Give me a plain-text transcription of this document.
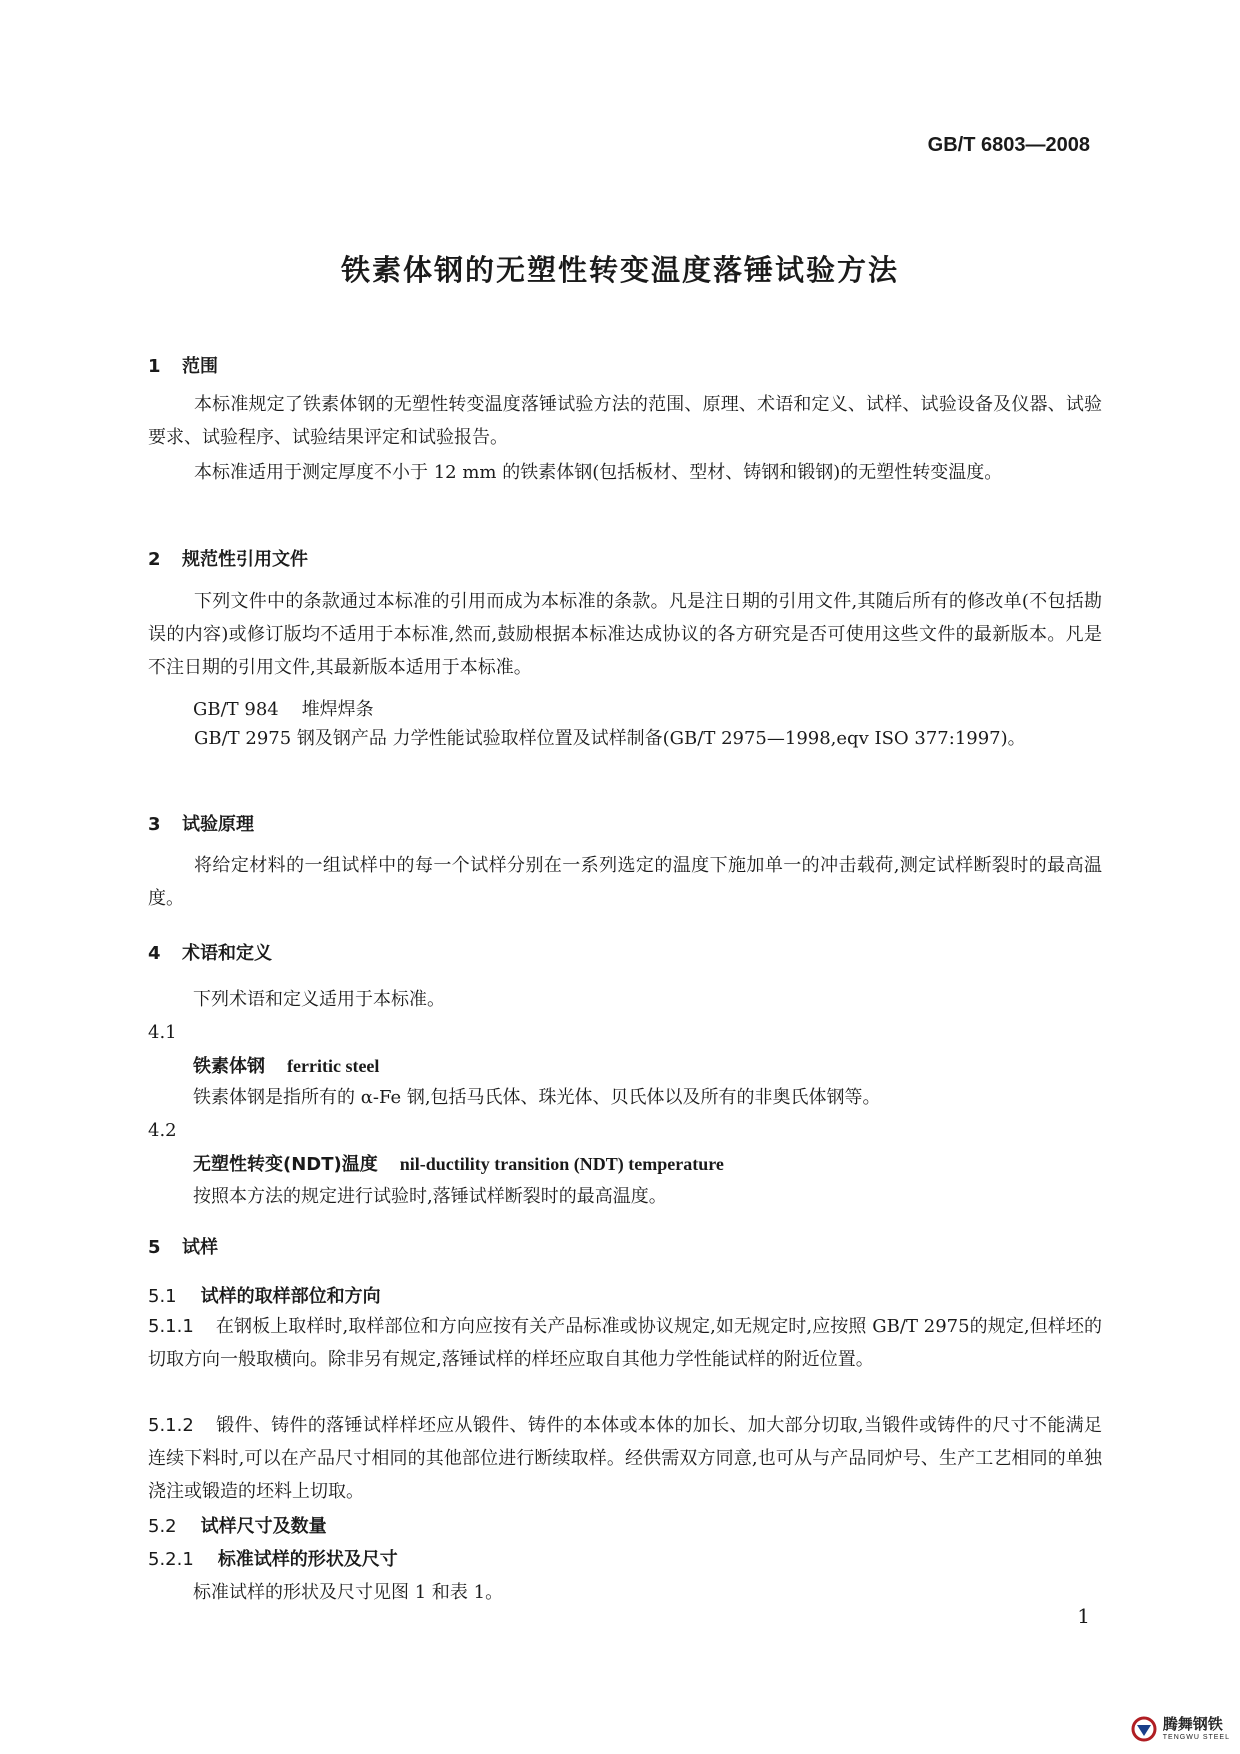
GB/T 6803—2008
铁素体钢的无塑性转变温度落锤试验方法
1 范围
本标准规定了铁素体钢的无塑性转变温度落锤试验方法的范围、原理、术语和定义、试样、试验设备及仪器、试验要求、试验程序、试验结果评定和试验报告。
本标准适用于测定厚度不小于 12 mm 的铁素体钢(包括板材、型材、铸钢和锻钢)的无塑性转变温度。
2 规范性引用文件
下列文件中的条款通过本标准的引用而成为本标准的条款。凡是注日期的引用文件,其随后所有的修改单(不包括勘误的内容)或修订版均不适用于本标准,然而,鼓励根据本标准达成协议的各方研究是否可使用这些文件的最新版本。凡是不注日期的引用文件,其最新版本适用于本标准。
GB/T 984    堆焊焊条
GB/T 2975 钢及钢产品 力学性能试验取样位置及试样制备(GB/T 2975—1998,eqv ISO 377:1997)。
3 试验原理
将给定材料的一组试样中的每一个试样分别在一系列选定的温度下施加单一的冲击载荷,测定试样断裂时的最高温度。
4 术语和定义
下列术语和定义适用于本标准。
4.1
铁素体钢 ferritic steel
铁素体钢是指所有的 α-Fe 钢,包括马氏体、珠光体、贝氏体以及所有的非奥氏体钢等。
4.2
无塑性转变(NDT)温度 nil-ductility transition (NDT) temperature
按照本方法的规定进行试验时,落锤试样断裂时的最高温度。
5 试样
5.1 试样的取样部位和方向
5.1.1 在钢板上取样时,取样部位和方向应按有关产品标准或协议规定,如无规定时,应按照 GB/T 2975的规定,但样坯的切取方向一般取横向。除非另有规定,落锤试样的样坯应取自其他力学性能试样的附近位置。
5.1.2 锻件、铸件的落锤试样样坯应从锻件、铸件的本体或本体的加长、加大部分切取,当锻件或铸件的尺寸不能满足连续下料时,可以在产品尺寸相同的其他部位进行断续取样。经供需双方同意,也可从与产品同炉号、生产工艺相同的单独浇注或锻造的坯料上切取。
5.2 试样尺寸及数量
5.2.1 标准试样的形状及尺寸
标准试样的形状及尺寸见图 1 和表 1。
1
腾舞钢铁
TENGWU STEEL
